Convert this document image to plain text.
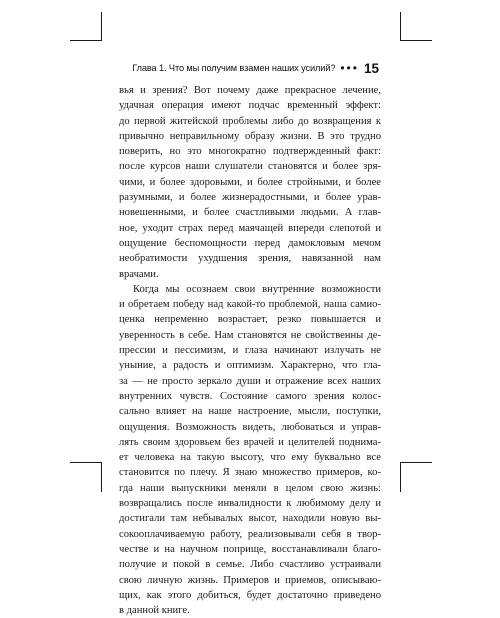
Глава 1. Что мы получим взамен наших усилий? ••• 15
вья и зрения? Вот почему даже прекрасное лечение,
удачная операция имеют подчас временный эффект:
до первой житейской проблемы либо до возвращения к
привычно неправильному образу жизни. В это трудно
поверить, но это многократно подтвержденный факт:
после курсов наши слушатели становятся и более зря-
чими, и более здоровыми, и более стройными, и более
разумными, и более жизнерадостными, и более урав-
новешенными, и более счастливыми людьми. А глав-
ное, уходит страх перед маячащей впереди слепотой и
ощущение беспомощности перед дамокловым мечом
необратимости ухудшения зрения, навязанной нам
врачами.
Когда мы осознаем свои внутренние возможности
и обретаем победу над какой-то проблемой, наша самио-
ценка непременно возрастает, резко повышается и
уверенность в себе. Нам становятся не свойственны де-
прессии и пессимизм, и глаза начинают излучать не
уныние, а радость и оптимизм. Характерно, что гла-
за — не просто зеркало души и отражение всех наших
внутренних чувств. Состояние самого зрения колос-
сально влияет на наше настроение, мысли, поступки,
ощущения. Возможность видеть, любоваться и управ-
лять своим здоровьем без врачей и целителей поднима-
ет человека на такую высоту, что ему буквально все
становится по плечу. Я знаю множество примеров, ко-
гда наши выпускники меняли в целом свою жизнь:
возвращались после инвалидности к любимому делу и
достигали там небывалых высот, находили новую вы-
сокооплачиваемую работу, реализовывали себя в твор-
честве и на научном поприще, восстанавливали благо-
получие и покой в семье. Либо счастливо устраивали
свою личную жизнь. Примеров и приемов, описываю-
щих, как этого добиться, будет достаточно приведено
в данной книге.
